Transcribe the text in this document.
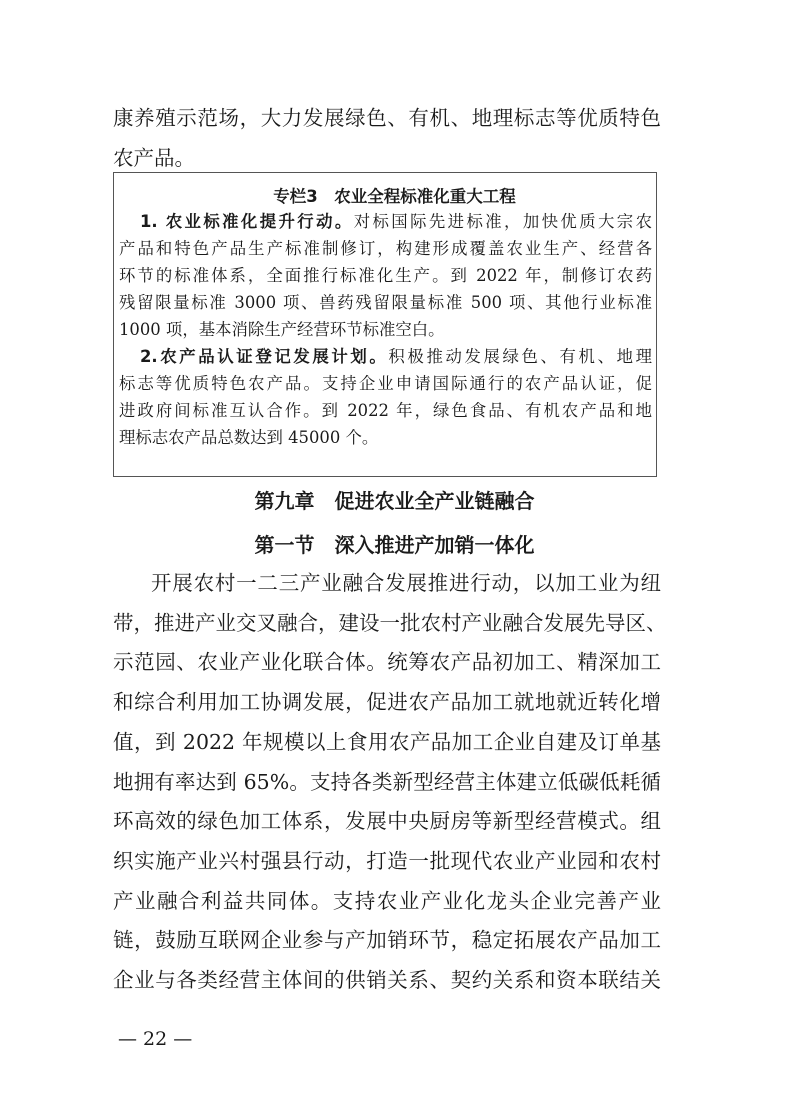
康养殖示范场，大力发展绿色、有机、地理标志等优质特色
农产品。
专栏3　农业全程标准化重大工程
1. 农业标准化提升行动。对标国际先进标准，加快优质大宗农
产品和特色产品生产标准制修订，构建形成覆盖农业生产、经营各
环节的标准体系，全面推行标准化生产。到 2022 年，制修订农药
残留限量标准 3000 项、兽药残留限量标准 500 项、其他行业标准
1000 项，基本消除生产经营环节标准空白。
2.农产品认证登记发展计划。积极推动发展绿色、有机、地理
标志等优质特色农产品。支持企业申请国际通行的农产品认证，促
进政府间标准互认合作。到 2022 年，绿色食品、有机农产品和地
理标志农产品总数达到 45000 个。
第九章　促进农业全产业链融合
第一节　深入推进产加销一体化
开展农村一二三产业融合发展推进行动，以加工业为纽
带，推进产业交叉融合，建设一批农村产业融合发展先导区、
示范园、农业产业化联合体。统筹农产品初加工、精深加工
和综合利用加工协调发展，促进农产品加工就地就近转化增
值，到 2022 年规模以上食用农产品加工企业自建及订单基
地拥有率达到 65%。支持各类新型经营主体建立低碳低耗循
环高效的绿色加工体系，发展中央厨房等新型经营模式。组
织实施产业兴村强县行动，打造一批现代农业产业园和农村
产业融合利益共同体。支持农业产业化龙头企业完善产业
链，鼓励互联网企业参与产加销环节，稳定拓展农产品加工
企业与各类经营主体间的供销关系、契约关系和资本联结关
— 22 —
